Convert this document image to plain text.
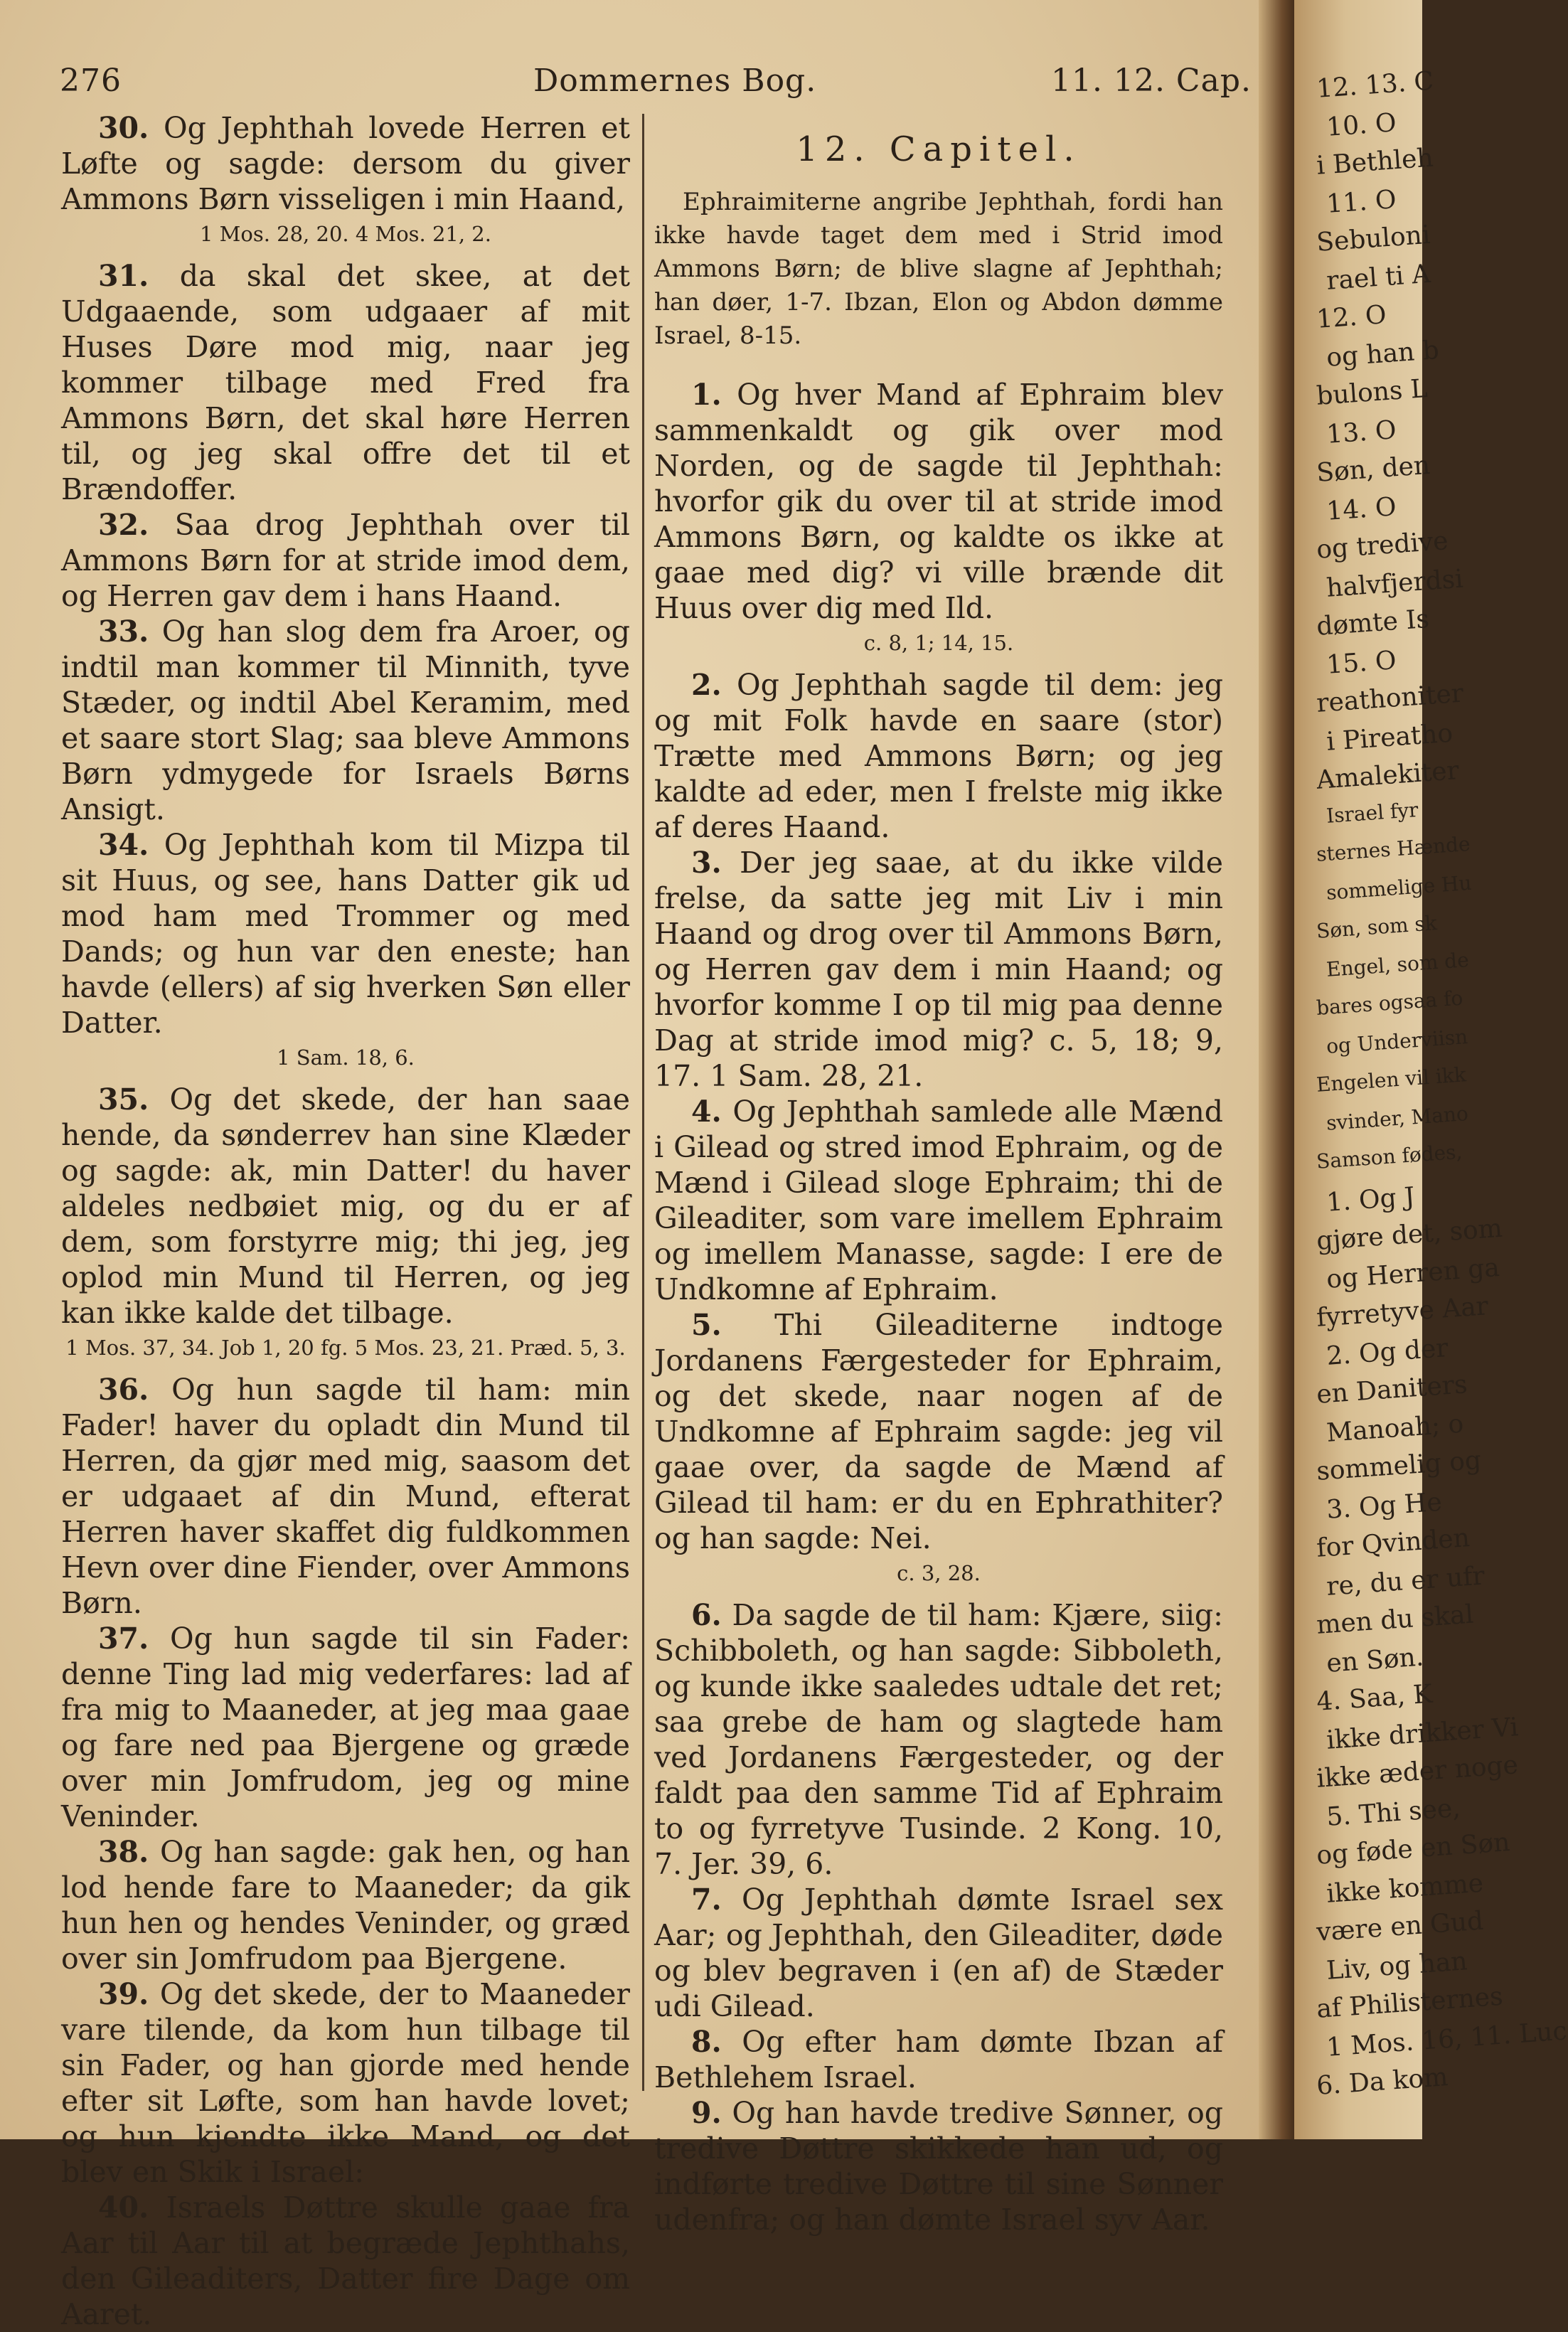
276	Dommernes Bog.	11. 12. Cap.
30. Og Jephthah lovede Herren et Løfte og sagde: dersom du giver Ammons Børn visseligen i min Haand,
1 Mos. 28, 20. 4 Mos. 21, 2.
31. da skal det skee, at det Udgaaende, som udgaaer af mit Huses Døre mod mig, naar jeg kommer tilbage med Fred fra Ammons Børn, det skal høre Herren til, og jeg skal offre det til et Brændoffer.
32. Saa drog Jephthah over til Ammons Børn for at stride imod dem, og Herren gav dem i hans Haand.
33. Og han slog dem fra Aroer, og indtil man kommer til Minnith, tyve Stæder, og indtil Abel Keramim, med et saare stort Slag; saa bleve Ammons Børn ydmygede for Israels Børns Ansigt.
34. Og Jephthah kom til Mizpa til sit Huus, og see, hans Datter gik ud mod ham med Trommer og med Dands; og hun var den eneste; han havde (ellers) af sig hverken Søn eller Datter.
1 Sam. 18, 6.
35. Og det skede, der han saae hende, da sønderrev han sine Klæder og sagde: ak, min Datter! du haver aldeles nedbøiet mig, og du er af dem, som forstyrre mig; thi jeg, jeg oplod min Mund til Herren, og jeg kan ikke kalde det tilbage.
1 Mos. 37, 34. Job 1, 20 fg. 5 Mos. 23, 21. Præd. 5, 3.
36. Og hun sagde til ham: min Fader! haver du opladt din Mund til Herren, da gjør med mig, saasom det er udgaaet af din Mund, efterat Herren haver skaffet dig fuldkommen Hevn over dine Fiender, over Ammons Børn.
37. Og hun sagde til sin Fader: denne Ting lad mig vederfares: lad af fra mig to Maaneder, at jeg maa gaae og fare ned paa Bjergene og græde over min Jomfrudom, jeg og mine Veninder.
38. Og han sagde: gak hen, og han lod hende fare to Maaneder; da gik hun hen og hendes Veninder, og græd over sin Jomfrudom paa Bjergene.
39. Og det skede, der to Maaneder vare tilende, da kom hun tilbage til sin Fader, og han gjorde med hende efter sit Løfte, som han havde lovet; og hun kjendte ikke Mand, og det blev en Skik i Israel:
40. Israels Døttre skulle gaae fra Aar til Aar til at begræde Jephthahs, den Gileaditers, Datter fire Dage om Aaret.
12. Capitel.
Ephraimiterne angribe Jephthah, fordi han ikke havde taget dem med i Strid imod Ammons Børn; de blive slagne af Jephthah; han døer, 1-7. Ibzan, Elon og Abdon dømme Israel, 8-15.
1. Og hver Mand af Ephraim blev sammenkaldt og gik over mod Norden, og de sagde til Jephthah: hvorfor gik du over til at stride imod Ammons Børn, og kaldte os ikke at gaae med dig? vi ville brænde dit Huus over dig med Ild.
c. 8, 1; 14, 15.
2. Og Jephthah sagde til dem: jeg og mit Folk havde en saare (stor) Trætte med Ammons Børn; og jeg kaldte ad eder, men I frelste mig ikke af deres Haand.
3. Der jeg saae, at du ikke vilde frelse, da satte jeg mit Liv i min Haand og drog over til Ammons Børn, og Herren gav dem i min Haand; og hvorfor komme I op til mig paa denne Dag at stride imod mig? c. 5, 18; 9, 17. 1 Sam. 28, 21.
4. Og Jephthah samlede alle Mænd i Gilead og stred imod Ephraim, og de Mænd i Gilead sloge Ephraim; thi de Gileaditer, som vare imellem Ephraim og imellem Manasse, sagde: I ere de Undkomne af Ephraim.
5. Thi Gileaditerne indtoge Jordanens Færgesteder for Ephraim, og det skede, naar nogen af de Undkomne af Ephraim sagde: jeg vil gaae over, da sagde de Mænd af Gilead til ham: er du en Ephrathiter? og han sagde: Nei.
c. 3, 28.
6. Da sagde de til ham: Kjære, siig: Schibboleth, og han sagde: Sibboleth, og kunde ikke saaledes udtale det ret; saa grebe de ham og slagtede ham ved Jordanens Færgesteder, og der faldt paa den samme Tid af Ephraim to og fyrretyve Tusinde. 2 Kong. 10, 7. Jer. 39, 6.
7. Og Jephthah dømte Israel sex Aar; og Jephthah, den Gileaditer, døde og blev begraven i (en af) de Stæder udi Gilead.
8. Og efter ham dømte Ibzan af Bethlehem Israel.
9. Og han havde tredive Sønner, og tredive Døttre skikkede han ud, og indførte tredive Døttre til sine Sønner udenfra; og han dømte Israel syv Aar.
12. 13. C
10. O
i Bethleh
11. O
Sebuloni
rael ti A
12. O
og han b
bulons L
13. O
Søn, den
14. O
og tredive
halvfjerdsi
dømte Is
15. O
reathoniter
i Pireatho
Amalekiter
Israel fyr
sternes Hænde
sommelige Hu
Søn, som sk
Engel, som de
bares ogsaa fo
og Underviisn
Engelen vil ikk
svinder, Mano
Samson fødes,
1. Og J
gjøre det, som
og Herren ga
fyrretyve Aar
2. Og der
en Daniters
Manoah; o
sommelig og
3. Og He
for Qvinden
re, du er ufr
men du skal
en Søn.
4. Saa, K
ikke drikker Vi
ikke æder noge
5. Thi see,
og føde en Søn
ikke komme
være en Gud
Liv, og han
af Philisternes
1 Mos. 16, 11. Luc
6. Da kom
